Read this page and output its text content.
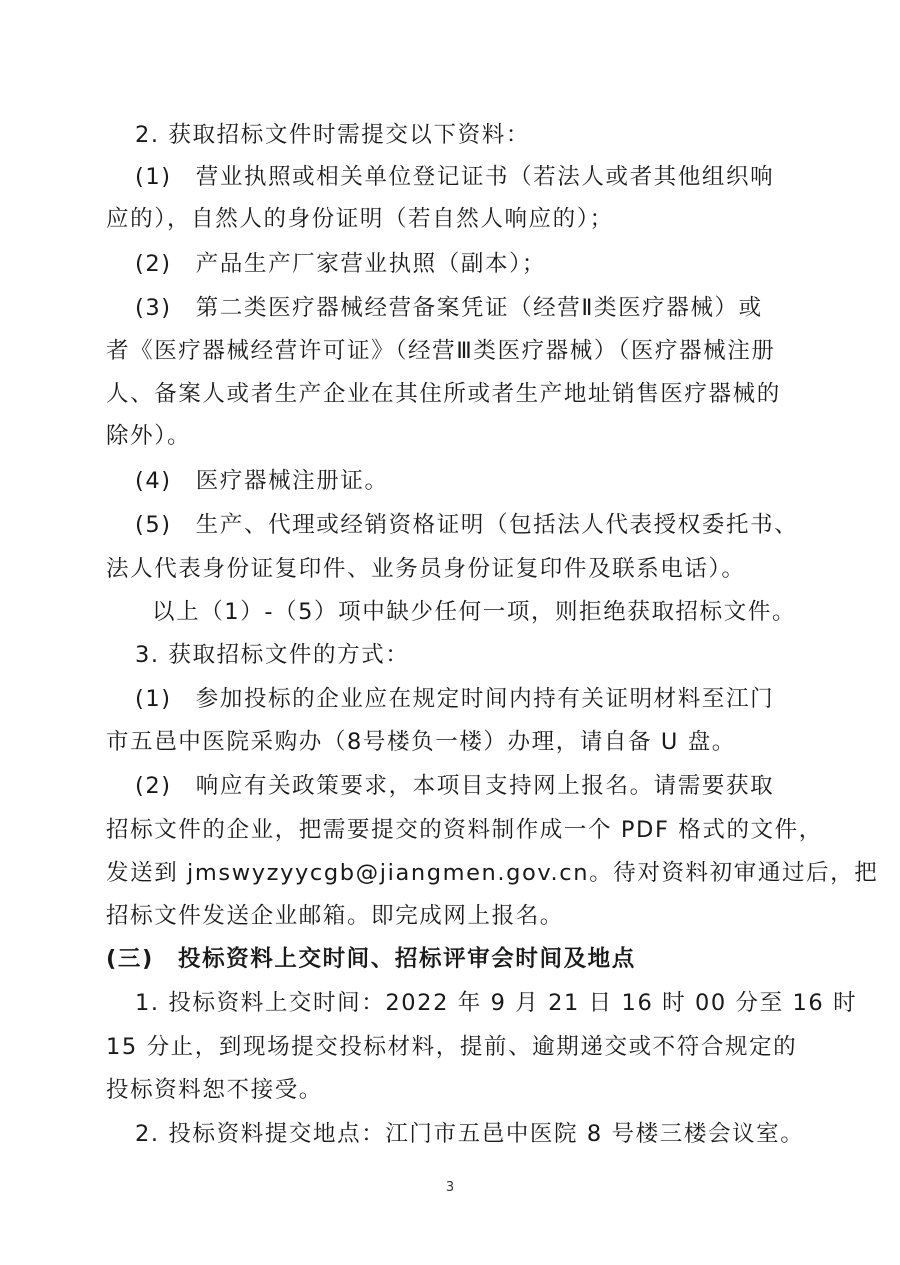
2. 获取招标文件时需提交以下资料：
(1)　营业执照或相关单位登记证书（若法人或者其他组织响
应的），自然人的身份证明（若自然人响应的）；
(2)　产品生产厂家营业执照（副本）；
(3)　第二类医疗器械经营备案凭证（经营Ⅱ类医疗器械）或
者《医疗器械经营许可证》（经营Ⅲ类医疗器械）（医疗器械注册
人、备案人或者生产企业在其住所或者生产地址销售医疗器械的
除外）。
(4)　医疗器械注册证。
(5)　生产、代理或经销资格证明（包括法人代表授权委托书、
法人代表身份证复印件、业务员身份证复印件及联系电话）。
以上（1）-（5）项中缺少任何一项，则拒绝获取招标文件。
3. 获取招标文件的方式：
(1)　参加投标的企业应在规定时间内持有关证明材料至江门
市五邑中医院采购办（8号楼负一楼）办理，请自备 U 盘。
(2)　响应有关政策要求，本项目支持网上报名。请需要获取
招标文件的企业，把需要提交的资料制作成一个 PDF 格式的文件，
发送到 jmswyzyycgb@jiangmen.gov.cn。待对资料初审通过后，把
招标文件发送企业邮箱。即完成网上报名。
(三)　投标资料上交时间、招标评审会时间及地点
1. 投标资料上交时间：2022 年 9 月 21 日 16 时 00 分至 16 时
15 分止，到现场提交投标材料，提前、逾期递交或不符合规定的
投标资料恕不接受。
2. 投标资料提交地点：江门市五邑中医院 8 号楼三楼会议室。
3
